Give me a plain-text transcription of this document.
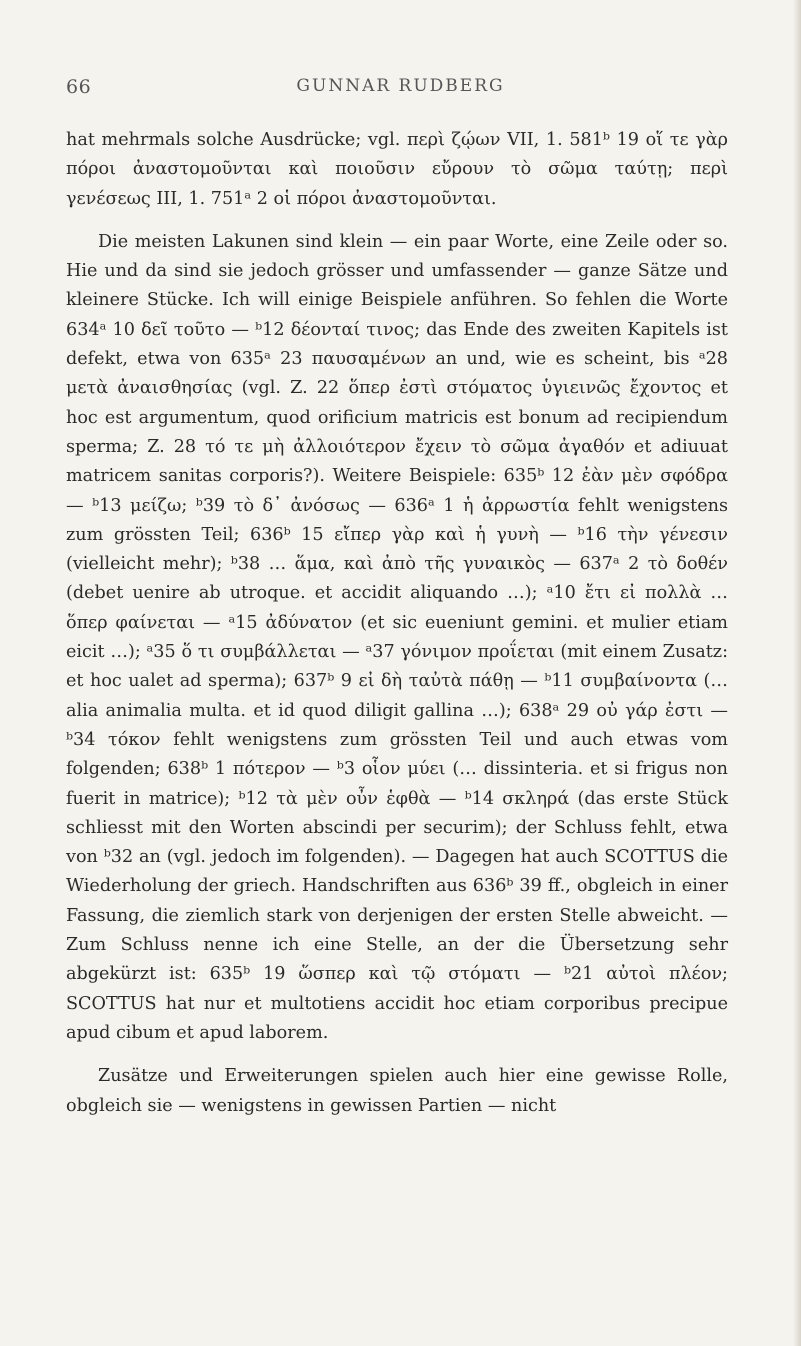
66	GUNNAR RUDBERG

hat mehrmals solche Ausdrücke; vgl. περὶ ζῴων VII, 1. 581ᵇ 19 οἵ τε γὰρ πόροι ἀναστομοῦνται καὶ ποιοῦσιν εὔρουν τὸ σῶμα ταύτῃ; περὶ γενέσεως III, 1. 751ᵃ 2 οἱ πόροι ἀναστομοῦνται.

Die meisten Lakunen sind klein — ein paar Worte, eine Zeile oder so. Hie und da sind sie jedoch grösser und umfassender — ganze Sätze und kleinere Stücke. Ich will einige Beispiele anführen. So fehlen die Worte 634ᵃ 10 δεῖ τοῦτο — ᵇ12 δέονταί τινος; das Ende des zweiten Kapitels ist defekt, etwa von 635ᵃ 23 παυσαμένων an und, wie es scheint, bis ᵃ28 μετὰ ἀναισθησίας (vgl. Z. 22 ὅπερ ἐστὶ στόματος ὑγιεινῶς ἔχοντος et hoc est argumentum, quod orificium matricis est bonum ad recipiendum sperma; Z. 28 τό τε μὴ ἀλλοιότερον ἔχειν τὸ σῶμα ἀγαθόν et adiuuat matricem sanitas corporis?). Weitere Beispiele: 635ᵇ 12 ἐὰν μὲν σφόδρα — ᵇ13 μείζω; ᵇ39 τὸ δ᾽ ἀνόσως — 636ᵃ 1 ἡ ἀρρωστία fehlt wenigstens zum grössten Teil; 636ᵇ 15 εἴπερ γὰρ καὶ ἡ γυνὴ — ᵇ16 τὴν γένεσιν (vielleicht mehr); ᵇ38 … ἅμα, καὶ ἀπὸ τῆς γυναικὸς — 637ᵃ 2 τὸ δοθέν (debet uenire ab utroque. et accidit aliquando …); ᵃ10 ἔτι εἰ πολλὰ … ὅπερ φαίνεται — ᵃ15 ἀδύνατον (et sic eueniunt gemini. et mulier etiam eicit …); ᵃ35 ὅ τι συμβάλλεται — ᵃ37 γόνιμον προΐεται (mit einem Zusatz: et hoc ualet ad sperma); 637ᵇ 9 εἰ δὴ ταὐτὰ πάθῃ — ᵇ11 συμβαίνοντα (… alia animalia multa. et id quod diligit gallina …); 638ᵃ 29 οὐ γάρ ἐστι — ᵇ34 τόκον fehlt wenigstens zum grössten Teil und auch etwas vom folgenden; 638ᵇ 1 πότερον — ᵇ3 οἷον μύει (… dissinteria. et si frigus non fuerit in matrice); ᵇ12 τὰ μὲν οὖν ἑφθὰ — ᵇ14 σκληρά (das erste Stück schliesst mit den Worten abscindi per securim); der Schluss fehlt, etwa von ᵇ32 an (vgl. jedoch im folgenden). — Dagegen hat auch SCOTTUS die Wiederholung der griech. Handschriften aus 636ᵇ 39 ff., obgleich in einer Fassung, die ziemlich stark von derjenigen der ersten Stelle abweicht. — Zum Schluss nenne ich eine Stelle, an der die Übersetzung sehr abgekürzt ist: 635ᵇ 19 ὥσπερ καὶ τῷ στόματι — ᵇ21 αὐτοὶ πλέον; SCOTTUS hat nur et multotiens accidit hoc etiam corporibus precipue apud cibum et apud laborem.

Zusätze und Erweiterungen spielen auch hier eine gewisse Rolle, obgleich sie — wenigstens in gewissen Partien — nicht
